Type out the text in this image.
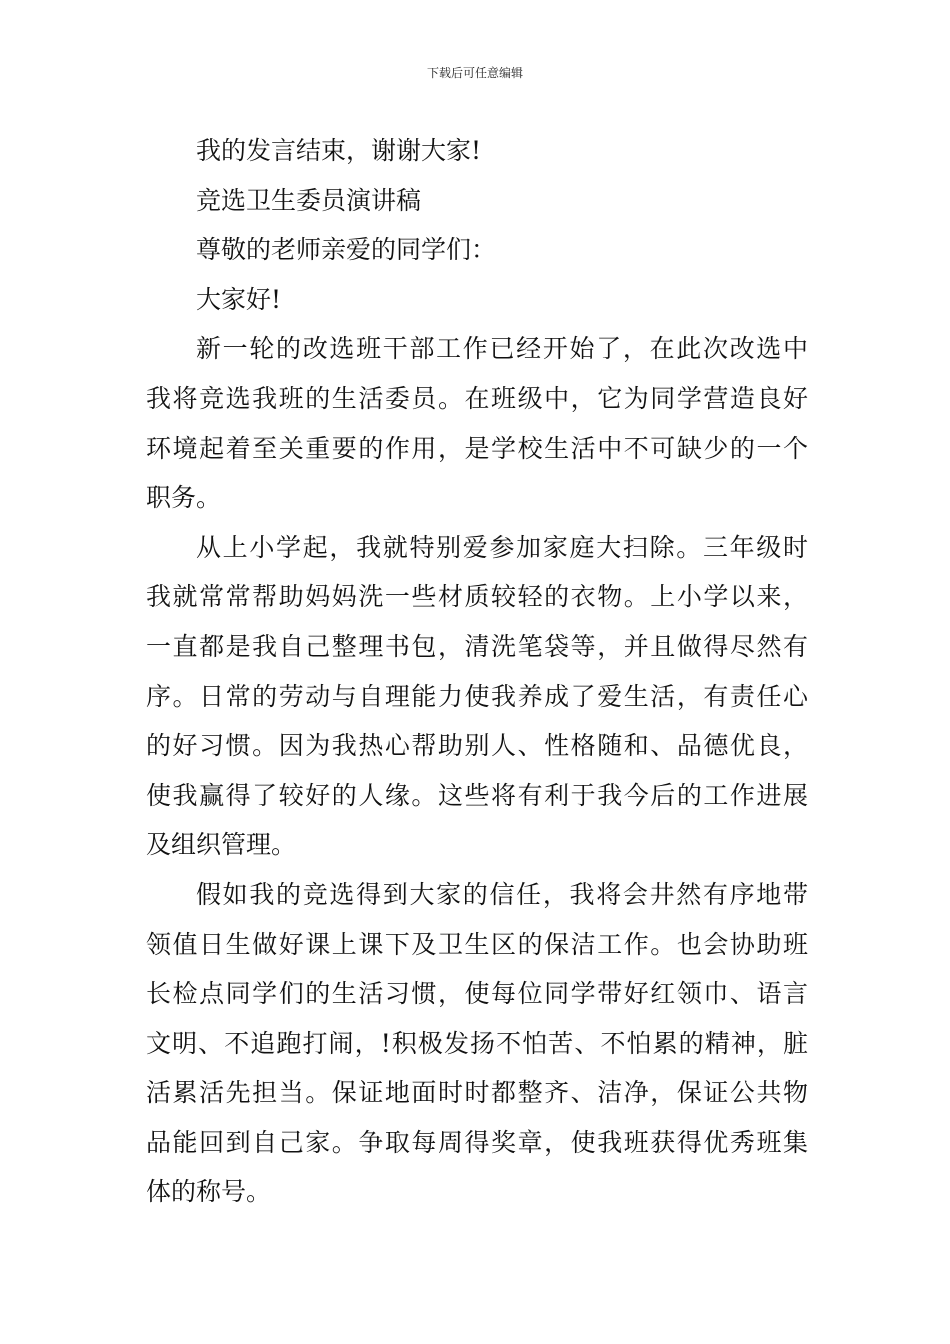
下载后可任意编辑
我的发言结束，谢谢大家!
竞选卫生委员演讲稿
尊敬的老师亲爱的同学们：
大家好!
新一轮的改选班干部工作已经开始了，在此次改选中
我将竞选我班的生活委员。在班级中，它为同学营造良好
环境起着至关重要的作用，是学校生活中不可缺少的一个
职务。
从上小学起，我就特别爱参加家庭大扫除。三年级时
我就常常帮助妈妈洗一些材质较轻的衣物。上小学以来，
一直都是我自己整理书包，清洗笔袋等，并且做得尽然有
序。日常的劳动与自理能力使我养成了爱生活，有责任心
的好习惯。因为我热心帮助别人、性格随和、品德优良，
使我赢得了较好的人缘。这些将有利于我今后的工作进展
及组织管理。
假如我的竞选得到大家的信任，我将会井然有序地带
领值日生做好课上课下及卫生区的保洁工作。也会协助班
长检点同学们的生活习惯，使每位同学带好红领巾、语言
文明、不追跑打闹，!积极发扬不怕苦、不怕累的精神，脏
活累活先担当。保证地面时时都整齐、洁净，保证公共物
品能回到自己家。争取每周得奖章，使我班获得优秀班集
体的称号。
